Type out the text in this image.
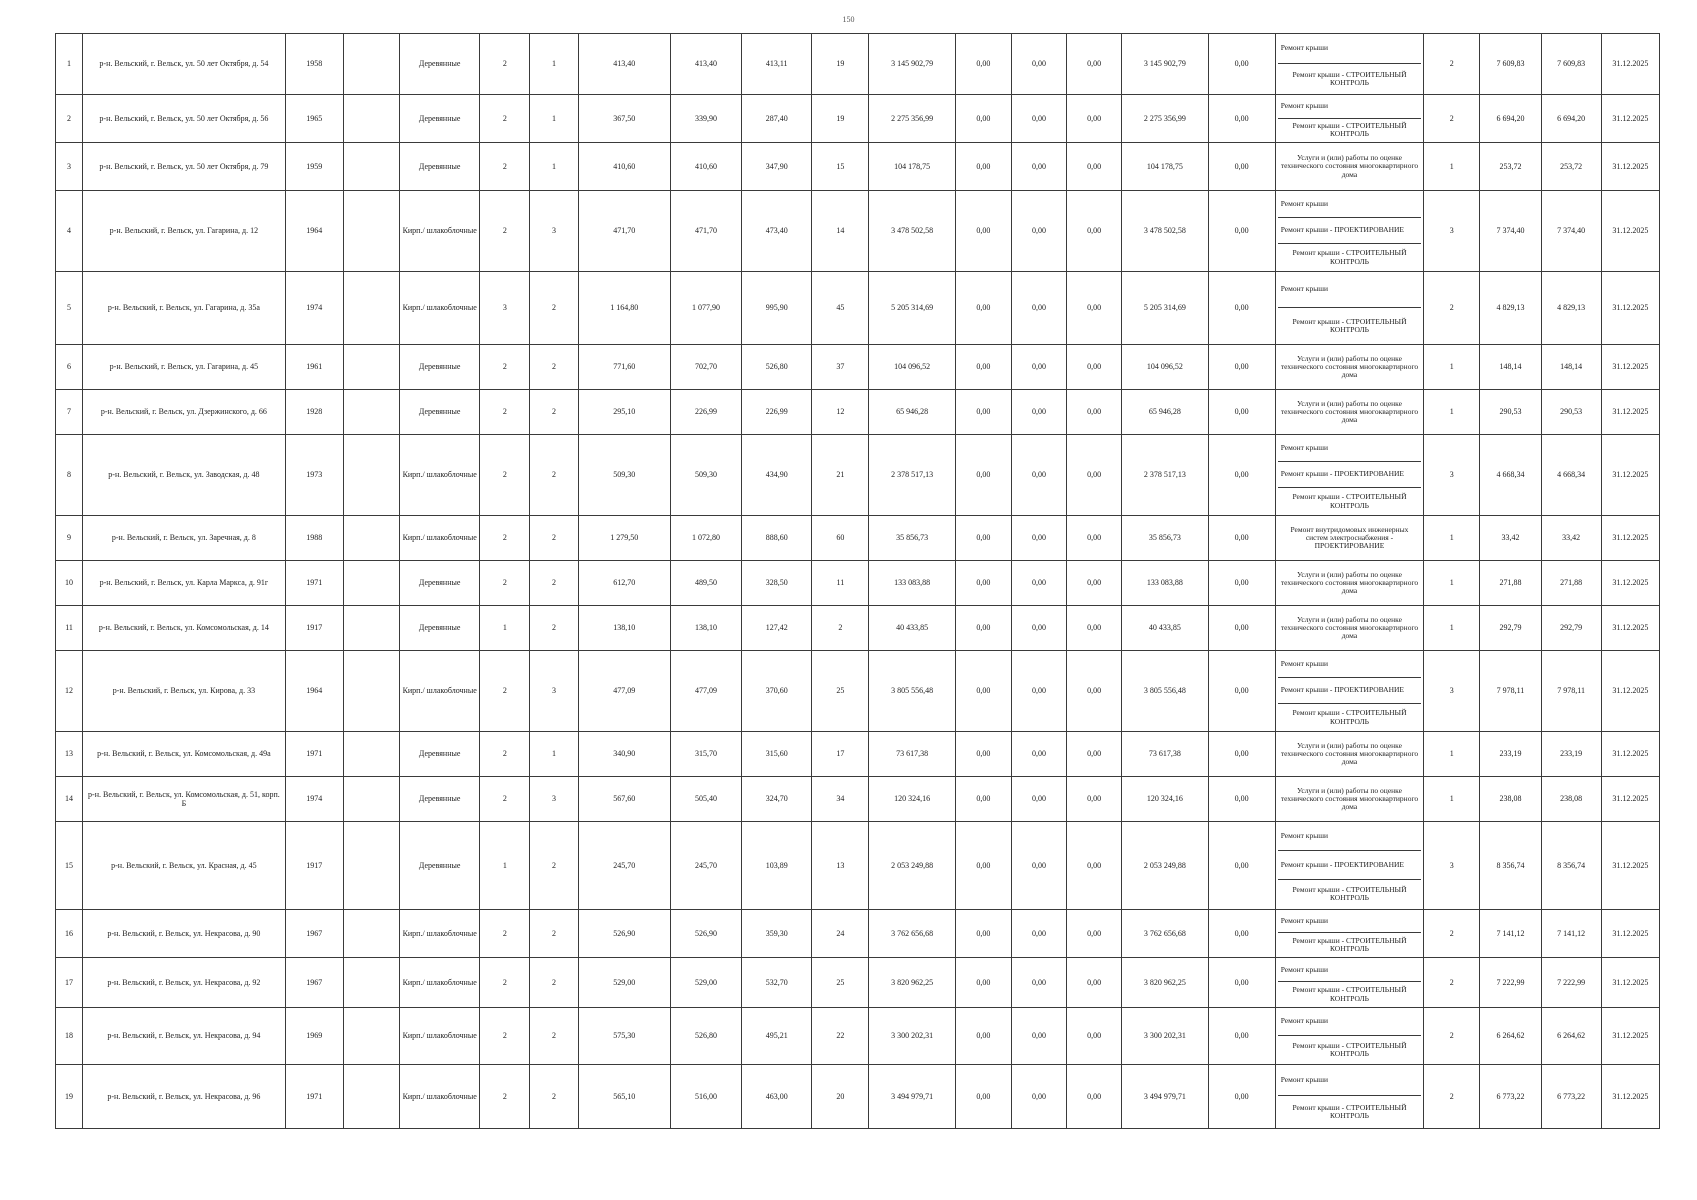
150
1	р-н. Вельский, г. Вельск, ул. 50 лет Октября, д. 54	1958		Деревянные	2	1	413,40	413,40	413,11	19	3 145 902,79	0,00	0,00	0,00	3 145 902,79	0,00	Ремонт крыши
Ремонт крыши - СТРОИТЕЛЬНЫЙ КОНТРОЛЬ	2	7 609,83	7 609,83	31.12.2025
2	р-н. Вельский, г. Вельск, ул. 50 лет Октября, д. 56	1965		Деревянные	2	1	367,50	339,90	287,40	19	2 275 356,99	0,00	0,00	0,00	2 275 356,99	0,00	Ремонт крыши
Ремонт крыши - СТРОИТЕЛЬНЫЙ КОНТРОЛЬ	2	6 694,20	6 694,20	31.12.2025
3	р-н. Вельский, г. Вельск, ул. 50 лет Октября, д. 79	1959		Деревянные	2	1	410,60	410,60	347,90	15	104 178,75	0,00	0,00	0,00	104 178,75	0,00	Услуги и (или) работы по оценке технического состояния многоквартирного дома	1	253,72	253,72	31.12.2025
4	р-н. Вельский, г. Вельск, ул. Гагарина, д. 12	1964		Кирп./ шлакоблочные	2	3	471,70	471,70	473,40	14	3 478 502,58	0,00	0,00	0,00	3 478 502,58	0,00	Ремонт крыши
Ремонт крыши - ПРОЕКТИРОВАНИЕ
Ремонт крыши - СТРОИТЕЛЬНЫЙ КОНТРОЛЬ	3	7 374,40	7 374,40	31.12.2025
5	р-н. Вельский, г. Вельск, ул. Гагарина, д. 35а	1974		Кирп./ шлакоблочные	3	2	1 164,80	1 077,90	995,90	45	5 205 314,69	0,00	0,00	0,00	5 205 314,69	0,00	Ремонт крыши
Ремонт крыши - СТРОИТЕЛЬНЫЙ КОНТРОЛЬ	2	4 829,13	4 829,13	31.12.2025
6	р-н. Вельский, г. Вельск, ул. Гагарина, д. 45	1961		Деревянные	2	2	771,60	702,70	526,80	37	104 096,52	0,00	0,00	0,00	104 096,52	0,00	Услуги и (или) работы по оценке технического состояния многоквартирного дома	1	148,14	148,14	31.12.2025
7	р-н. Вельский, г. Вельск, ул. Дзержинского, д. 66	1928		Деревянные	2	2	295,10	226,99	226,99	12	65 946,28	0,00	0,00	0,00	65 946,28	0,00	Услуги и (или) работы по оценке технического состояния многоквартирного дома	1	290,53	290,53	31.12.2025
8	р-н. Вельский, г. Вельск, ул. Заводская, д. 48	1973		Кирп./ шлакоблочные	2	2	509,30	509,30	434,90	21	2 378 517,13	0,00	0,00	0,00	2 378 517,13	0,00	Ремонт крыши
Ремонт крыши - ПРОЕКТИРОВАНИЕ
Ремонт крыши - СТРОИТЕЛЬНЫЙ КОНТРОЛЬ	3	4 668,34	4 668,34	31.12.2025
9	р-н. Вельский, г. Вельск, ул. Заречная, д. 8	1988		Кирп./ шлакоблочные	2	2	1 279,50	1 072,80	888,60	60	35 856,73	0,00	0,00	0,00	35 856,73	0,00	Ремонт внутридомовых инженерных систем электроснабжения - ПРОЕКТИРОВАНИЕ	1	33,42	33,42	31.12.2025
10	р-н. Вельский, г. Вельск, ул. Карла Маркса, д. 91г	1971		Деревянные	2	2	612,70	489,50	328,50	11	133 083,88	0,00	0,00	0,00	133 083,88	0,00	Услуги и (или) работы по оценке технического состояния многоквартирного дома	1	271,88	271,88	31.12.2025
11	р-н. Вельский, г. Вельск, ул. Комсомольская, д. 14	1917		Деревянные	1	2	138,10	138,10	127,42	2	40 433,85	0,00	0,00	0,00	40 433,85	0,00	Услуги и (или) работы по оценке технического состояния многоквартирного дома	1	292,79	292,79	31.12.2025
12	р-н. Вельский, г. Вельск, ул. Кирова, д. 33	1964		Кирп./ шлакоблочные	2	3	477,09	477,09	370,60	25	3 805 556,48	0,00	0,00	0,00	3 805 556,48	0,00	Ремонт крыши
Ремонт крыши - ПРОЕКТИРОВАНИЕ
Ремонт крыши - СТРОИТЕЛЬНЫЙ КОНТРОЛЬ	3	7 978,11	7 978,11	31.12.2025
13	р-н. Вельский, г. Вельск, ул. Комсомольская, д. 49а	1971		Деревянные	2	1	340,90	315,70	315,60	17	73 617,38	0,00	0,00	0,00	73 617,38	0,00	Услуги и (или) работы по оценке технического состояния многоквартирного дома	1	233,19	233,19	31.12.2025
14	р-н. Вельский, г. Вельск, ул. Комсомольская, д. 51, корп. Б	1974		Деревянные	2	3	567,60	505,40	324,70	34	120 324,16	0,00	0,00	0,00	120 324,16	0,00	Услуги и (или) работы по оценке технического состояния многоквартирного дома	1	238,08	238,08	31.12.2025
15	р-н. Вельский, г. Вельск, ул. Красная, д. 45	1917		Деревянные	1	2	245,70	245,70	103,89	13	2 053 249,88	0,00	0,00	0,00	2 053 249,88	0,00	Ремонт крыши
Ремонт крыши - ПРОЕКТИРОВАНИЕ
Ремонт крыши - СТРОИТЕЛЬНЫЙ КОНТРОЛЬ	3	8 356,74	8 356,74	31.12.2025
16	р-н. Вельский, г. Вельск, ул. Некрасова, д. 90	1967		Кирп./ шлакоблочные	2	2	526,90	526,90	359,30	24	3 762 656,68	0,00	0,00	0,00	3 762 656,68	0,00	Ремонт крыши
Ремонт крыши - СТРОИТЕЛЬНЫЙ КОНТРОЛЬ	2	7 141,12	7 141,12	31.12.2025
17	р-н. Вельский, г. Вельск, ул. Некрасова, д. 92	1967		Кирп./ шлакоблочные	2	2	529,00	529,00	532,70	25	3 820 962,25	0,00	0,00	0,00	3 820 962,25	0,00	Ремонт крыши
Ремонт крыши - СТРОИТЕЛЬНЫЙ КОНТРОЛЬ	2	7 222,99	7 222,99	31.12.2025
18	р-н. Вельский, г. Вельск, ул. Некрасова, д. 94	1969		Кирп./ шлакоблочные	2	2	575,30	526,80	495,21	22	3 300 202,31	0,00	0,00	0,00	3 300 202,31	0,00	Ремонт крыши
Ремонт крыши - СТРОИТЕЛЬНЫЙ КОНТРОЛЬ	2	6 264,62	6 264,62	31.12.2025
19	р-н. Вельский, г. Вельск, ул. Некрасова, д. 96	1971		Кирп./ шлакоблочные	2	2	565,10	516,00	463,00	20	3 494 979,71	0,00	0,00	0,00	3 494 979,71	0,00	Ремонт крыши
Ремонт крыши - СТРОИТЕЛЬНЫЙ КОНТРОЛЬ	2	6 773,22	6 773,22	31.12.2025
